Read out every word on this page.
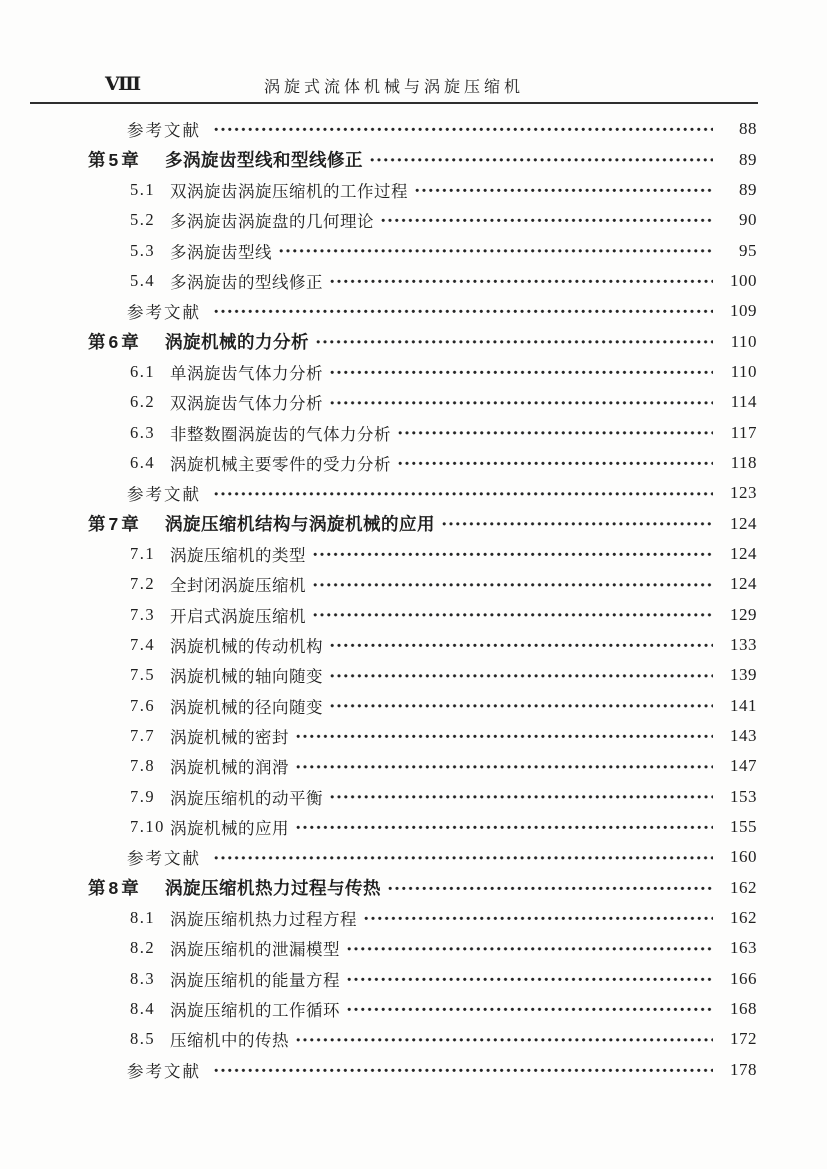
Ⅷ	涡旋式流体机械与涡旋压缩机
参考文献	88
第5章	多涡旋齿型线和型线修正	89
5.1 双涡旋齿涡旋压缩机的工作过程	89
5.2 多涡旋齿涡旋盘的几何理论	90
5.3 多涡旋齿型线	95
5.4 多涡旋齿的型线修正	100
参考文献	109
第6章	涡旋机械的力分析	110
6.1 单涡旋齿气体力分析	110
6.2 双涡旋齿气体力分析	114
6.3 非整数圈涡旋齿的气体力分析	117
6.4 涡旋机械主要零件的受力分析	118
参考文献	123
第7章	涡旋压缩机结构与涡旋机械的应用	124
7.1 涡旋压缩机的类型	124
7.2 全封闭涡旋压缩机	124
7.3 开启式涡旋压缩机	129
7.4 涡旋机械的传动机构	133
7.5 涡旋机械的轴向随变	139
7.6 涡旋机械的径向随变	141
7.7 涡旋机械的密封	143
7.8 涡旋机械的润滑	147
7.9 涡旋压缩机的动平衡	153
7.10 涡旋机械的应用	155
参考文献	160
第8章	涡旋压缩机热力过程与传热	162
8.1 涡旋压缩机热力过程方程	162
8.2 涡旋压缩机的泄漏模型	163
8.3 涡旋压缩机的能量方程	166
8.4 涡旋压缩机的工作循环	168
8.5 压缩机中的传热	172
参考文献	178
